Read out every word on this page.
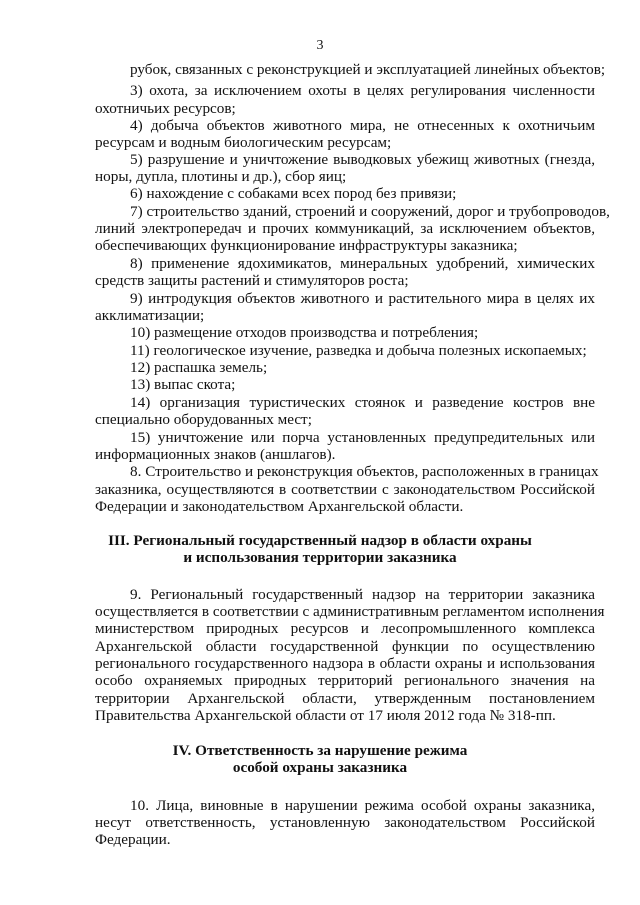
3
рубок, связанных с реконструкцией и эксплуатацией линейных объектов;
3) охота, за исключением охоты в целях регулирования численности
охотничьих ресурсов;
4) добыча объектов животного мира, не отнесенных к охотничьим
ресурсам и водным биологическим ресурсам;
5) разрушение и уничтожение выводковых убежищ животных (гнезда,
норы, дупла, плотины и др.), сбор яиц;
6) нахождение с собаками всех пород без привязи;
7) строительство зданий, строений и сооружений, дорог и трубопроводов,
линий электропередач и прочих коммуникаций, за исключением объектов,
обеспечивающих функционирование инфраструктуры заказника;
8) применение ядохимикатов, минеральных удобрений, химических
средств защиты растений и стимуляторов роста;
9) интродукция объектов животного и растительного мира в целях их
акклиматизации;
10) размещение отходов производства и потребления;
11) геологическое изучение, разведка и добыча полезных ископаемых;
12) распашка земель;
13) выпас скота;
14) организация туристических стоянок и разведение костров вне
специально оборудованных мест;
15) уничтожение или порча установленных предупредительных или
информационных знаков (аншлагов).
8. Строительство и реконструкция объектов, расположенных в границах
заказника, осуществляются в соответствии с законодательством Российской
Федерации и законодательством Архангельской области.
III. Региональный государственный надзор в области охраны
и использования территории заказника
9. Региональный государственный надзор на территории заказника
осуществляется в соответствии с административным регламентом исполнения
министерством природных ресурсов и лесопромышленного комплекса
Архангельской области государственной функции по осуществлению
регионального государственного надзора в области охраны и использования
особо охраняемых природных территорий регионального значения на
территории Архангельской области, утвержденным постановлением
Правительства Архангельской области от 17 июля 2012 года № 318-пп.
IV. Ответственность за нарушение режима
особой охраны заказника
10. Лица, виновные в нарушении режима особой охраны заказника,
несут ответственность, установленную законодательством Российской
Федерации.
